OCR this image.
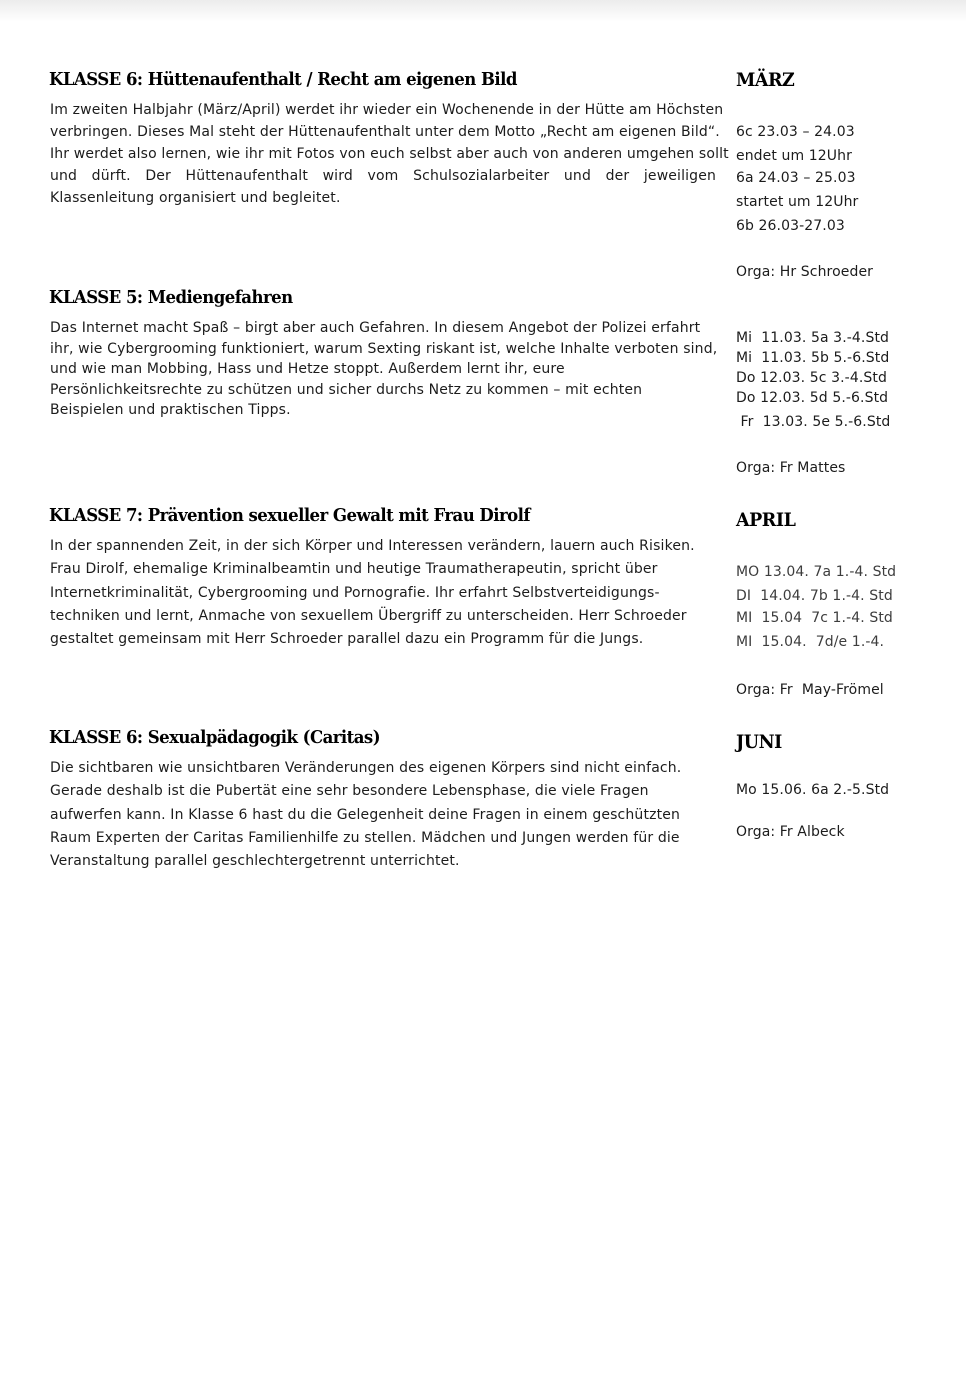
KLASSE 6: Hüttenaufenthalt / Recht am eigenen Bild
Im zweiten Halbjahr (März/April) werdet ihr wieder ein Wochenende in der Hütte am Höchsten
verbringen. Dieses Mal steht der Hüttenaufenthalt unter dem Motto „Recht am eigenen Bild“.
Ihr werdet also lernen, wie ihr mit Fotos von euch selbst aber auch von anderen umgehen sollt
und dürft. Der Hüttenaufenthalt wird vom Schulsozialarbeiter und der jeweiligen
Klassenleitung organisiert und begleitet.
KLASSE 5: Mediengefahren
Das Internet macht Spaß – birgt aber auch Gefahren. In diesem Angebot der Polizei erfahrt
ihr, wie Cybergrooming funktioniert, warum Sexting riskant ist, welche Inhalte verboten sind,
und wie man Mobbing, Hass und Hetze stoppt. Außerdem lernt ihr, eure
Persönlichkeitsrechte zu schützen und sicher durchs Netz zu kommen – mit echten
Beispielen und praktischen Tipps.
KLASSE 7: Prävention sexueller Gewalt mit Frau Dirolf
In der spannenden Zeit, in der sich Körper und Interessen verändern, lauern auch Risiken.
Frau Dirolf, ehemalige Kriminalbeamtin und heutige Traumatherapeutin, spricht über
Internetkriminalität, Cybergrooming und Pornografie. Ihr erfahrt Selbstverteidigungs-
techniken und lernt, Anmache von sexuellem Übergriff zu unterscheiden. Herr Schroeder
gestaltet gemeinsam mit Herr Schroeder parallel dazu ein Programm für die Jungs.
KLASSE 6: Sexualpädagogik (Caritas)
Die sichtbaren wie unsichtbaren Veränderungen des eigenen Körpers sind nicht einfach.
Gerade deshalb ist die Pubertät eine sehr besondere Lebensphase, die viele Fragen
aufwerfen kann. In Klasse 6 hast du die Gelegenheit deine Fragen in einem geschützten
Raum Experten der Caritas Familienhilfe zu stellen. Mädchen und Jungen werden für die
Veranstaltung parallel geschlechtergetrennt unterrichtet.
MÄRZ

6c 23.03 – 24.03

endet um 12Uhr

6a 24.03 – 25.03

startet um 12Uhr

6b 26.03-27.03

Orga: Hr Schroeder

Mi  11.03. 5a 3.-4.Std

Mi  11.03. 5b 5.-6.Std

Do 12.03. 5c 3.-4.Std

Do 12.03. 5d 5.-6.Std

Fr  13.03. 5e 5.-6.Std

Orga: Fr Mattes

APRIL

MO 13.04. 7a 1.-4. Std

DI  14.04. 7b 1.-4. Std

MI  15.04  7c 1.-4. Std

MI  15.04.  7d/e 1.-4.

Orga: Fr  May-Frömel

JUNI

Mo 15.06. 6a 2.-5.Std

Orga: Fr Albeck
